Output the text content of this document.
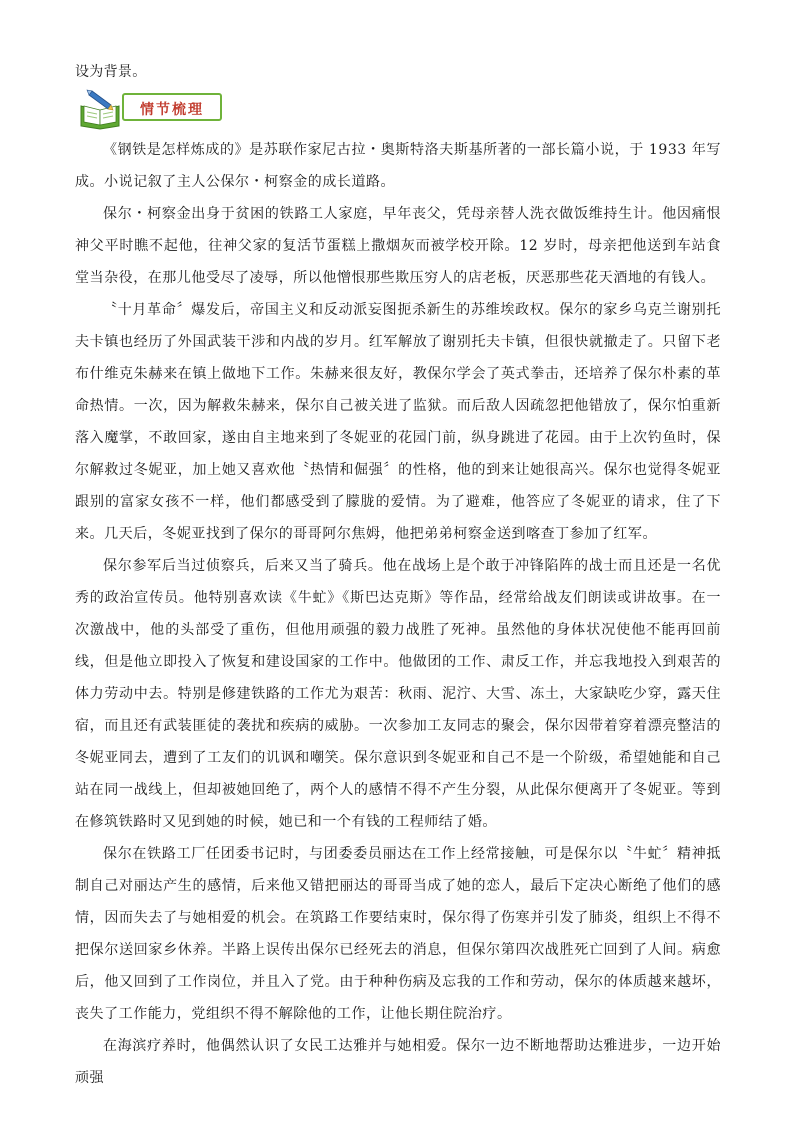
设为背景。
情节梳理

《钢铁是怎样炼成的》是苏联作家尼古拉・奥斯特洛夫斯基所著的一部长篇小说，于 1933 年写成。小说记叙了主人公保尔・柯察金的成长道路。

保尔・柯察金出身于贫困的铁路工人家庭，早年丧父，凭母亲替人洗衣做饭维持生计。他因痛恨神父平时瞧不起他，往神父家的复活节蛋糕上撒烟灰而被学校开除。12 岁时，母亲把他送到车站食堂当杂役，在那儿他受尽了凌辱，所以他憎恨那些欺压穷人的店老板，厌恶那些花天酒地的有钱人。

〝十月革命〞爆发后，帝国主义和反动派妄图扼杀新生的苏维埃政权。保尔的家乡乌克兰谢别托夫卡镇也经历了外国武装干涉和内战的岁月。红军解放了谢别托夫卡镇，但很快就撤走了。只留下老布什维克朱赫来在镇上做地下工作。朱赫来很友好，教保尔学会了英式拳击，还培养了保尔朴素的革命热情。一次，因为解救朱赫来，保尔自己被关进了监狱。而后敌人因疏忽把他错放了，保尔怕重新落入魔掌，不敢回家，遂由自主地来到了冬妮亚的花园门前，纵身跳进了花园。由于上次钓鱼时，保尔解救过冬妮亚，加上她又喜欢他〝热情和倔强〞的性格，他的到来让她很高兴。保尔也觉得冬妮亚跟别的富家女孩不一样，他们都感受到了朦胧的爱情。为了避难，他答应了冬妮亚的请求，住了下来。几天后，冬妮亚找到了保尔的哥哥阿尔焦姆，他把弟弟柯察金送到喀查丁参加了红军。

保尔参军后当过侦察兵，后来又当了骑兵。他在战场上是个敢于冲锋陷阵的战士而且还是一名优秀的政治宣传员。他特别喜欢读《牛虻》《斯巴达克斯》等作品，经常给战友们朗读或讲故事。在一次激战中，他的头部受了重伤，但他用顽强的毅力战胜了死神。虽然他的身体状况使他不能再回前线，但是他立即投入了恢复和建设国家的工作中。他做团的工作、肃反工作，并忘我地投入到艰苦的体力劳动中去。特别是修建铁路的工作尤为艰苦：秋雨、泥泞、大雪、冻土，大家缺吃少穿，露天住宿，而且还有武装匪徒的袭扰和疾病的威胁。一次参加工友同志的聚会，保尔因带着穿着漂亮整洁的冬妮亚同去，遭到了工友们的讥讽和嘲笑。保尔意识到冬妮亚和自己不是一个阶级，希望她能和自己站在同一战线上，但却被她回绝了，两个人的感情不得不产生分裂，从此保尔便离开了冬妮亚。等到在修筑铁路时又见到她的时候，她已和一个有钱的工程师结了婚。

保尔在铁路工厂任团委书记时，与团委委员丽达在工作上经常接触，可是保尔以〝牛虻〞精神抵制自己对丽达产生的感情，后来他又错把丽达的哥哥当成了她的恋人，最后下定决心断绝了他们的感情，因而失去了与她相爱的机会。在筑路工作要结束时，保尔得了伤寒并引发了肺炎，组织上不得不把保尔送回家乡休养。半路上误传出保尔已经死去的消息，但保尔第四次战胜死亡回到了人间。病愈后，他又回到了工作岗位，并且入了党。由于种种伤病及忘我的工作和劳动，保尔的体质越来越坏，丧失了工作能力，党组织不得不解除他的工作，让他长期住院治疗。

在海滨疗养时，他偶然认识了女民工达雅并与她相爱。保尔一边不断地帮助达雅进步，一边开始顽强
